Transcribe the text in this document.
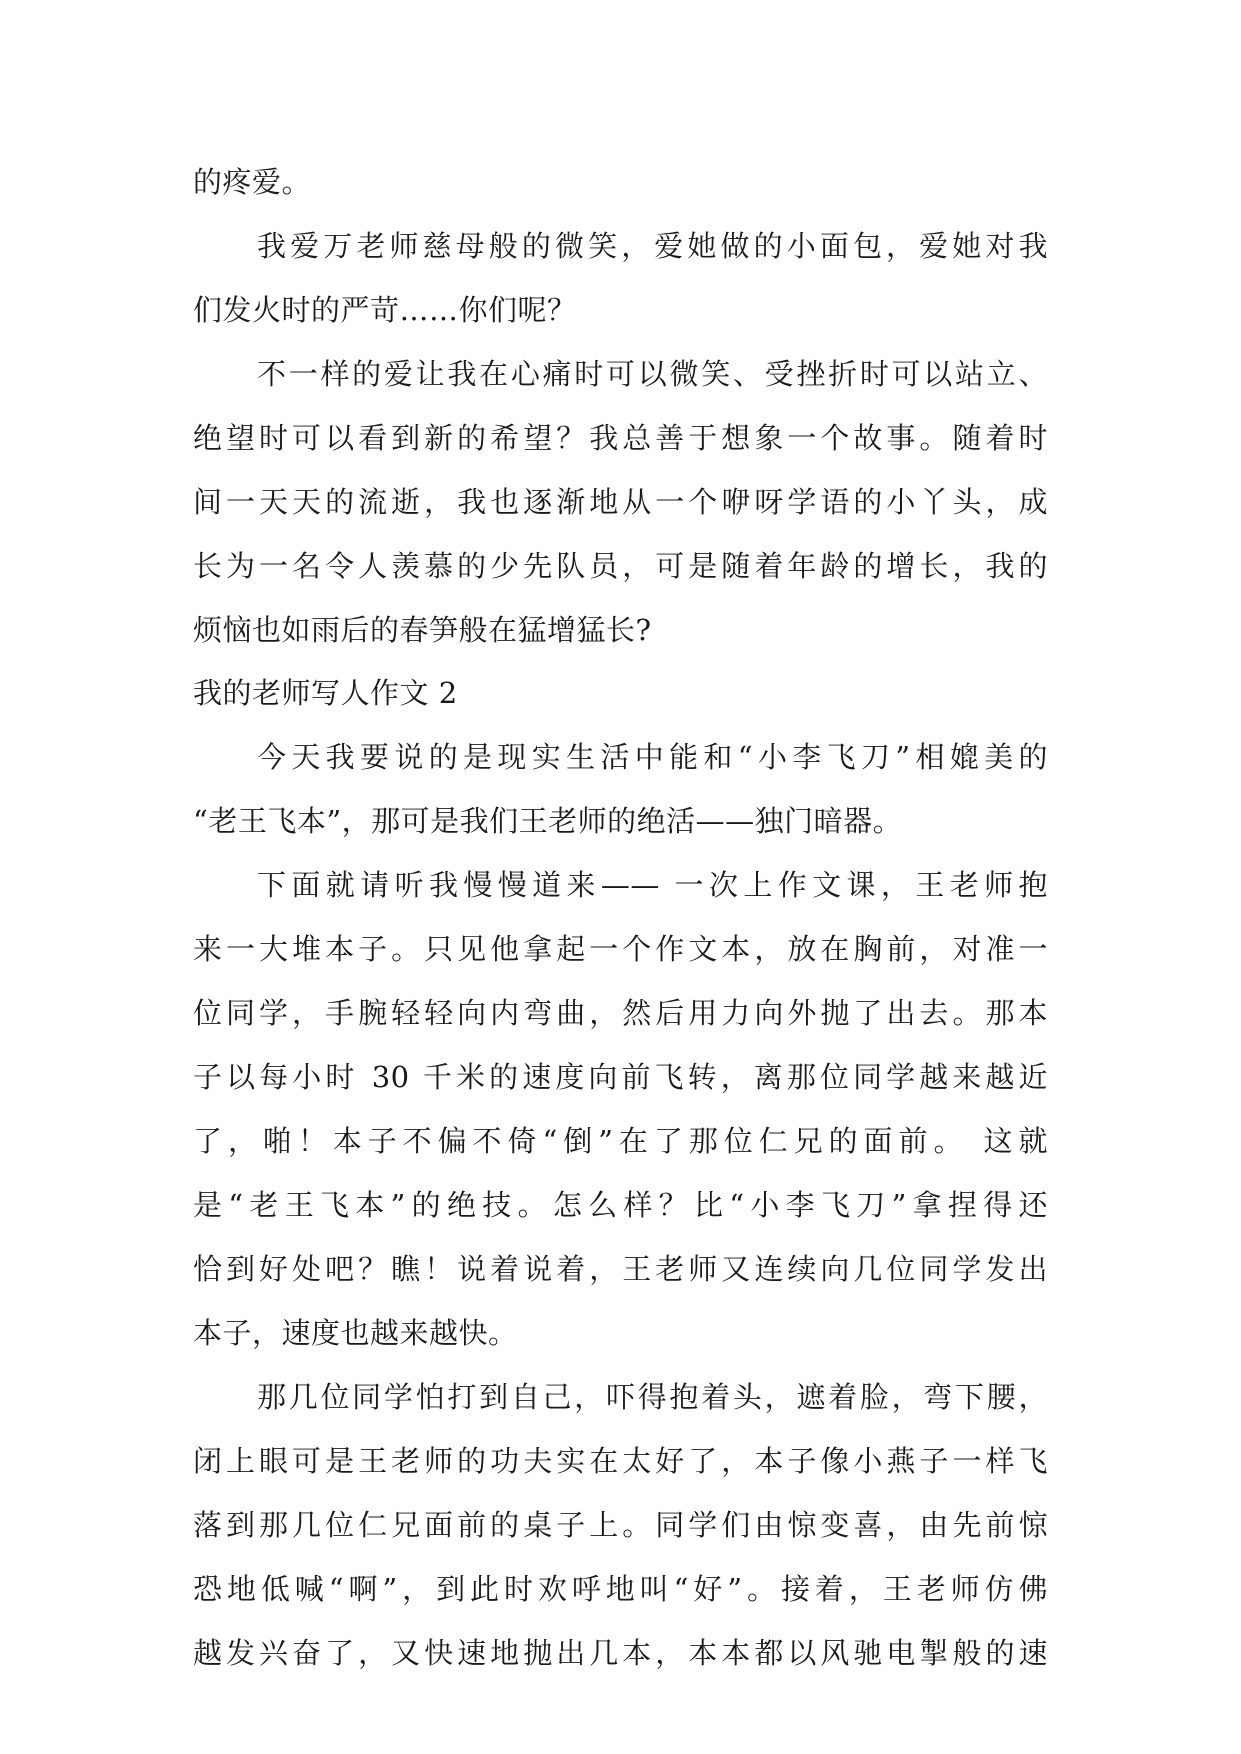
的疼爱。
我爱万老师慈母般的微笑，爱她做的小面包，爱她对我
们发火时的严苛……你们呢？
不一样的爱让我在心痛时可以微笑、受挫折时可以站立、
绝望时可以看到新的希望？我总善于想象一个故事。随着时
间一天天的流逝，我也逐渐地从一个咿呀学语的小丫头，成
长为一名令人羡慕的少先队员，可是随着年龄的增长，我的
烦恼也如雨后的春笋般在猛增猛长?
我的老师写人作文 2
今天我要说的是现实生活中能和“小李飞刀”相媲美的
“老王飞本”，那可是我们王老师的绝活——独门暗器。
下面就请听我慢慢道来—— 一次上作文课，王老师抱
来一大堆本子。只见他拿起一个作文本，放在胸前，对准一
位同学，手腕轻轻向内弯曲，然后用力向外抛了出去。那本
子以每小时 30 千米的速度向前飞转，离那位同学越来越近
了，啪！本子不偏不倚“倒”在了那位仁兄的面前。 这就
是“老王飞本”的绝技。怎么样？比“小李飞刀”拿捏得还
恰到好处吧？瞧！说着说着，王老师又连续向几位同学发出
本子，速度也越来越快。
那几位同学怕打到自己，吓得抱着头，遮着脸，弯下腰，
闭上眼可是王老师的功夫实在太好了，本子像小燕子一样飞
落到那几位仁兄面前的桌子上。同学们由惊变喜，由先前惊
恐地低喊“啊”，到此时欢呼地叫“好”。接着，王老师仿佛
越发兴奋了，又快速地抛出几本，本本都以风驰电掣般的速
